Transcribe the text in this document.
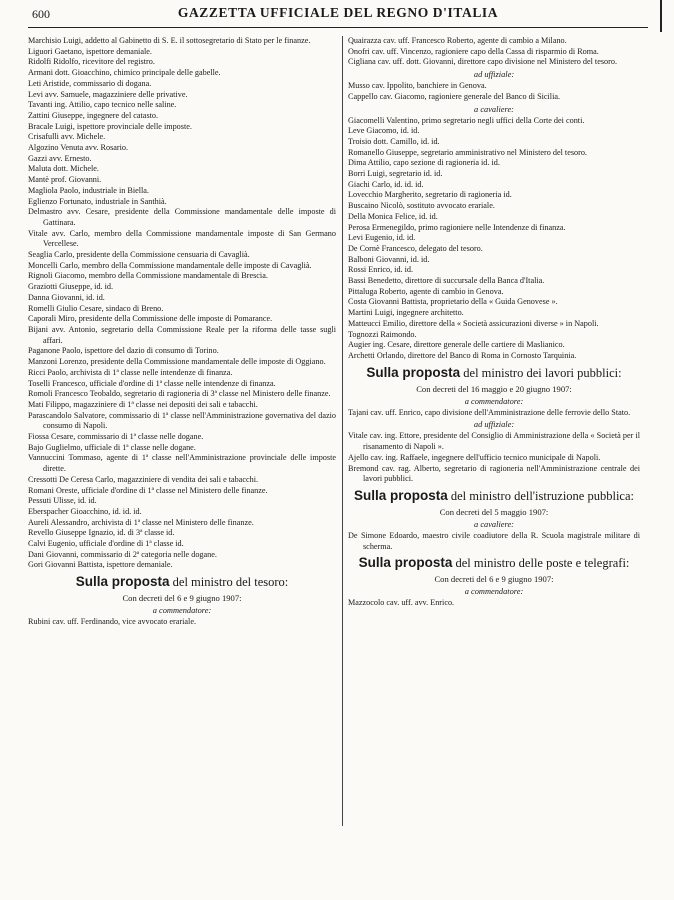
600	GAZZETTA UFFICIALE DEL REGNO D'ITALIA
Marchisio Luigi, addetto al Gabinetto di S. E. il sottosegretario di Stato per le finanze.
Liguori Gaetano, ispettore demaniale.
Ridolfi Ridolfo, ricevitore del registro.
Armani dott. Gioacchino, chimico principale delle gabelle.
Leti Aristide, commissario di dogana.
Levi avv. Samuele, magazziniere delle privative.
Tavanti ing. Attilio, capo tecnico nelle saline.
Zattini Giuseppe, ingegnere del catasto.
Bracale Luigi, ispettore provinciale delle imposte.
Crisafulli avv. Michele.
Algozino Venuta avv. Rosario.
Gazzi avv. Ernesto.
Maluta dott. Michele.
Mantè prof. Giovanni.
Magliola Paolo, industriale in Biella.
Eglienzo Fortunato, industriale in Santhià.
Delmastro avv. Cesare, presidente della Commissione mandamentale delle imposte di Gattinara.
Vitale avv. Carlo, membro della Commissione mandamentale imposte di San Germano Vercellese.
Seaglia Carlo, presidente della Commissione censuaria di Cavaglià.
Moncelli Carlo, membro della Commissione mandamentale delle imposte di Cavaglià.
Rignoli Giacomo, membro della Commissione mandamentale di Brescia.
Graziotti Giuseppe, id. id.
Danna Giovanni, id. id.
Romelli Giulio Cesare, sindaco di Breno.
Caporali Miro, presidente della Commissione delle imposte di Pomarance.
Bijani avv. Antonio, segretario della Commissione Reale per la riforma delle tasse sugli affari.
Paganone Paolo, ispettore del dazio di consumo di Torino.
Manzoni Lorenzo, presidente della Commissione mandamentale delle imposte di Oggiano.
Ricci Paolo, archivista di 1ª classe nelle intendenze di finanza.
Toselli Francesco, ufficiale d'ordine di 1ª classe nelle intendenze di finanza.
Romoli Francesco Teobaldo, segretario di ragioneria di 3ª classe nel Ministero delle finanze.
Mati Filippo, magazziniere di 1ª classe nei depositi dei sali e tabacchi.
Parascandolo Salvatore, commissario di 1ª classe nell'Amministrazione governativa del dazio consumo di Napoli.
Fiossa Cesare, commissario di 1ª classe nelle dogane.
Bajo Guglielmo, ufficiale di 1ª classe nelle dogane.
Vannuccini Tommaso, agente di 1ª classe nell'Amministrazione provinciale delle imposte dirette.
Cressotti De Ceresa Carlo, magazziniere di vendita dei sali e tabacchi.
Romani Oreste, ufficiale d'ordine di 1ª classe nel Ministero delle finanze.
Pessuti Ulisse, id. id.
Eberspacher Gioacchino, id. id. id.
Aureli Alessandro, archivista di 1ª classe nel Ministero delle finanze.
Revello Giuseppe Ignazio, id. di 3ª classe id.
Calvi Eugenio, ufficiale d'ordine di 1ª classe id.
Dani Giovanni, commissario di 2ª categoria nelle dogane.
Gori Giovanni Battista, ispettore demaniale.
Sulla proposta del ministro del tesoro:
Con decreti del 6 e 9 giugno 1907:
a commendatore:
Rubini cav. uff. Ferdinando, vice avvocato erariale.
Quairazza cav. uff. Francesco Roberto, agente di cambio a Milano.
Onofri cav. uff. Vincenzo, ragioniere capo della Cassa di risparmio di Roma.
Cigliana cav. uff. dott. Giovanni, direttore capo divisione nel Ministero del tesoro.
ad uffiziale:
Musso cav. Ippolito, banchiere in Genova.
Cappello cav. Giacomo, ragioniere generale del Banco di Sicilia.
a cavaliere:
Giacomelli Valentino, primo segretario negli uffici della Corte dei conti.
Leve Giacomo, id. id.
Troisio dott. Camillo, id. id.
Romanello Giuseppe, segretario amministrativo nel Ministero del tesoro.
Dima Attilio, capo sezione di ragioneria id. id.
Borri Luigi, segretario id. id.
Giachi Carlo, id. id. id.
Lovecchio Margherito, segretario di ragioneria id.
Buscaino Nicolò, sostituto avvocato erariale.
Della Monica Felice, id. id.
Perosa Ermenegildo, primo ragioniere nelle Intendenze di finanza.
Levi Eugenio, id. id.
De Cornè Francesco, delegato del tesoro.
Balboni Giovanni, id. id.
Rossi Enrico, id. id.
Bassi Benedetto, direttore di succursale della Banca d'Italia.
Pittaluga Roberto, agente di cambio in Genova.
Costa Giovanni Battista, proprietario della « Guida Genovese ».
Martini Luigi, ingegnere architetto.
Matteucci Emilio, direttore della « Società assicurazioni diverse » in Napoli.
Tognozzi Raimondo.
Augier ing. Cesare, direttore generale delle cartiere di Maslianico.
Archetti Orlando, direttore del Banco di Roma in Cornosto Tarquinia.
Sulla proposta del ministro dei lavori pubblici:
Con decreti del 16 maggio e 20 giugno 1907:
a commendatore:
Tajani cav. uff. Enrico, capo divisione dell'Amministrazione delle ferrovie dello Stato.
ad uffiziale:
Vitale cav. ing. Ettore, presidente del Consiglio di Amministrazione della « Società per il risanamento di Napoli ».
Ajello cav. ing. Raffaele, ingegnere dell'ufficio tecnico municipale di Napoli.
Bremond cav. rag. Alberto, segretario di ragioneria nell'Amministrazione centrale dei lavori pubblici.
Sulla proposta del ministro dell'istruzione pubblica:
Con decreti del 5 maggio 1907:
a cavaliere:
De Simone Edoardo, maestro civile coadiutore della R. Scuola magistrale militare di scherma.
Sulla proposta del ministro delle poste e telegrafi:
Con decreti del 6 e 9 giugno 1907:
a commendatore:
Mazzocolo cav. uff. avv. Enrico.
